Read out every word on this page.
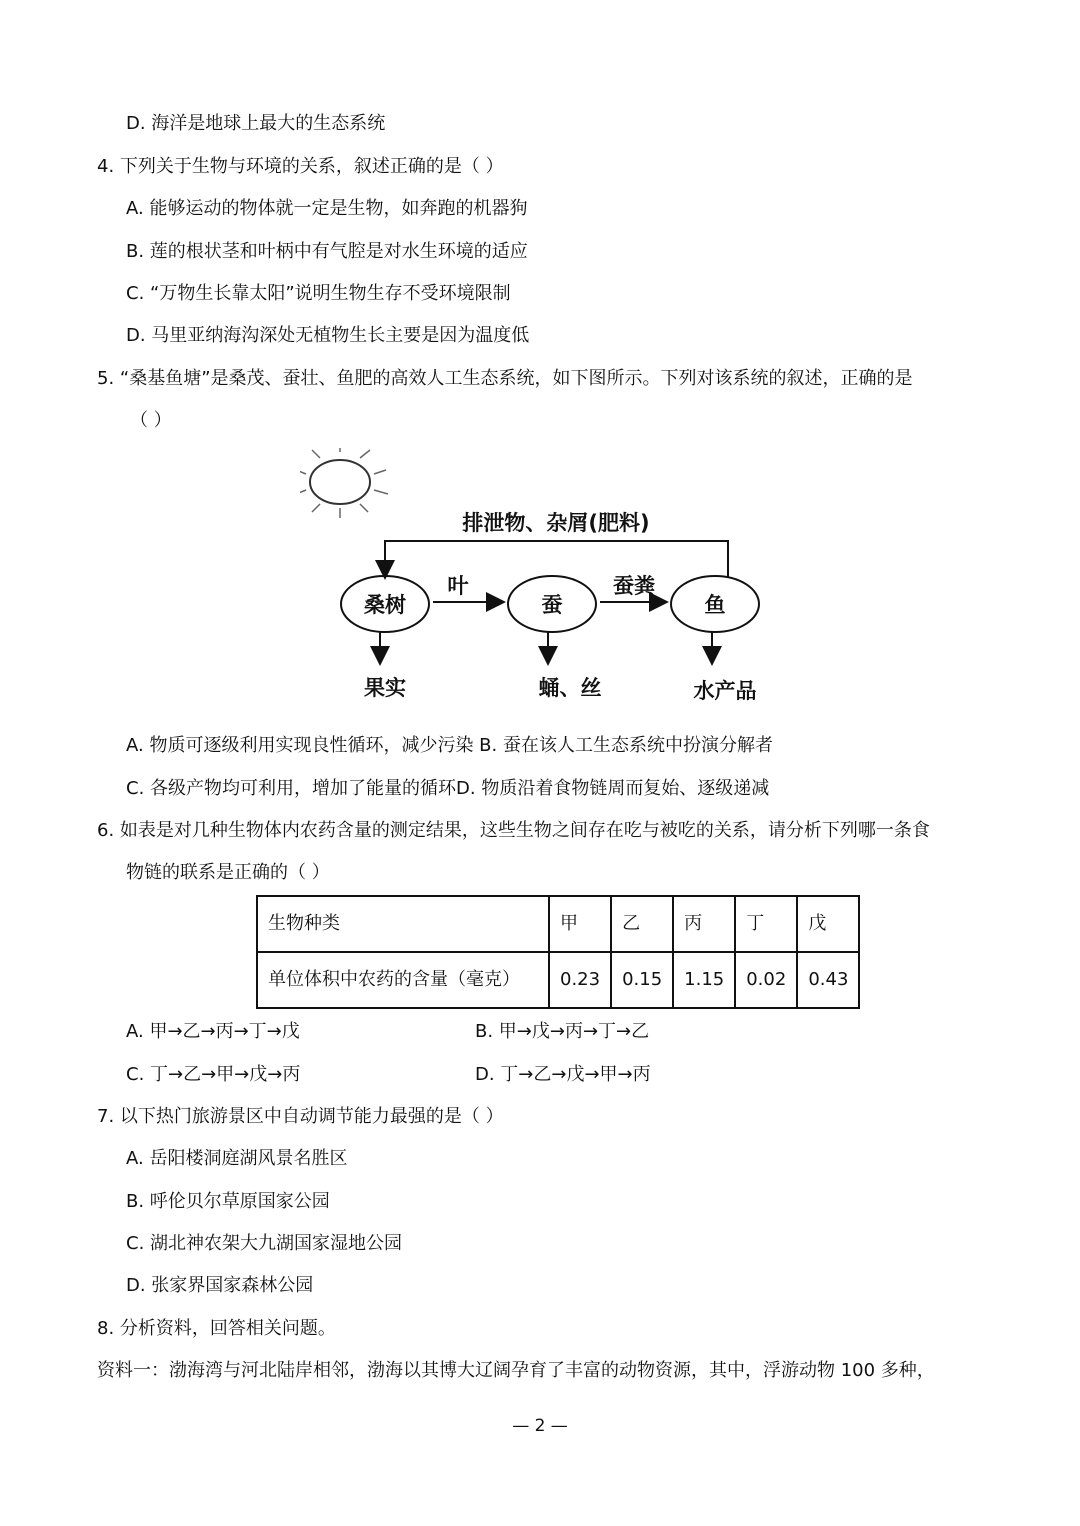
D. 海洋是地球上最大的生态系统
4. 下列关于生物与环境的关系，叙述正确的是（ ）
A. 能够运动的物体就一定是生物，如奔跑的机器狗
B. 莲的根状茎和叶柄中有气腔是对水生环境的适应
C. “万物生长靠太阳”说明生物生存不受环境限制
D. 马里亚纳海沟深处无植物生长主要是因为温度低
5. “桑基鱼塘”是桑茂、蚕壮、鱼肥的高效人工生态系统，如下图所示。下列对该系统的叙述，正确的是
（ ）
排泄物、杂屑(肥料)
桑树	蚕	鱼
叶	蚕粪
果实	蛹、丝	水产品
A. 物质可逐级利用实现良性循环，减少污染 B. 蚕在该人工生态系统中扮演分解者
C. 各级产物均可利用，增加了能量的循环D. 物质沿着食物链周而复始、逐级递减
6. 如表是对几种生物体内农药含量的测定结果，这些生物之间存在吃与被吃的关系，请分析下列哪一条食
物链的联系是正确的（ ）
生物种类	甲	乙	丙	丁	戊
单位体积中农药的含量（毫克）	0.23	0.15	1.15	0.02	0.43
A. 甲→乙→丙→丁→戊	B. 甲→戊→丙→丁→乙
C. 丁→乙→甲→戊→丙	D. 丁→乙→戊→甲→丙
7. 以下热门旅游景区中自动调节能力最强的是（ ）
A. 岳阳楼洞庭湖风景名胜区
B. 呼伦贝尔草原国家公园
C. 湖北神农架大九湖国家湿地公园
D. 张家界国家森林公园
8. 分析资料，回答相关问题。
资料一：渤海湾与河北陆岸相邻，渤海以其博大辽阔孕育了丰富的动物资源，其中，浮游动物 100 多种，
— 2 —
